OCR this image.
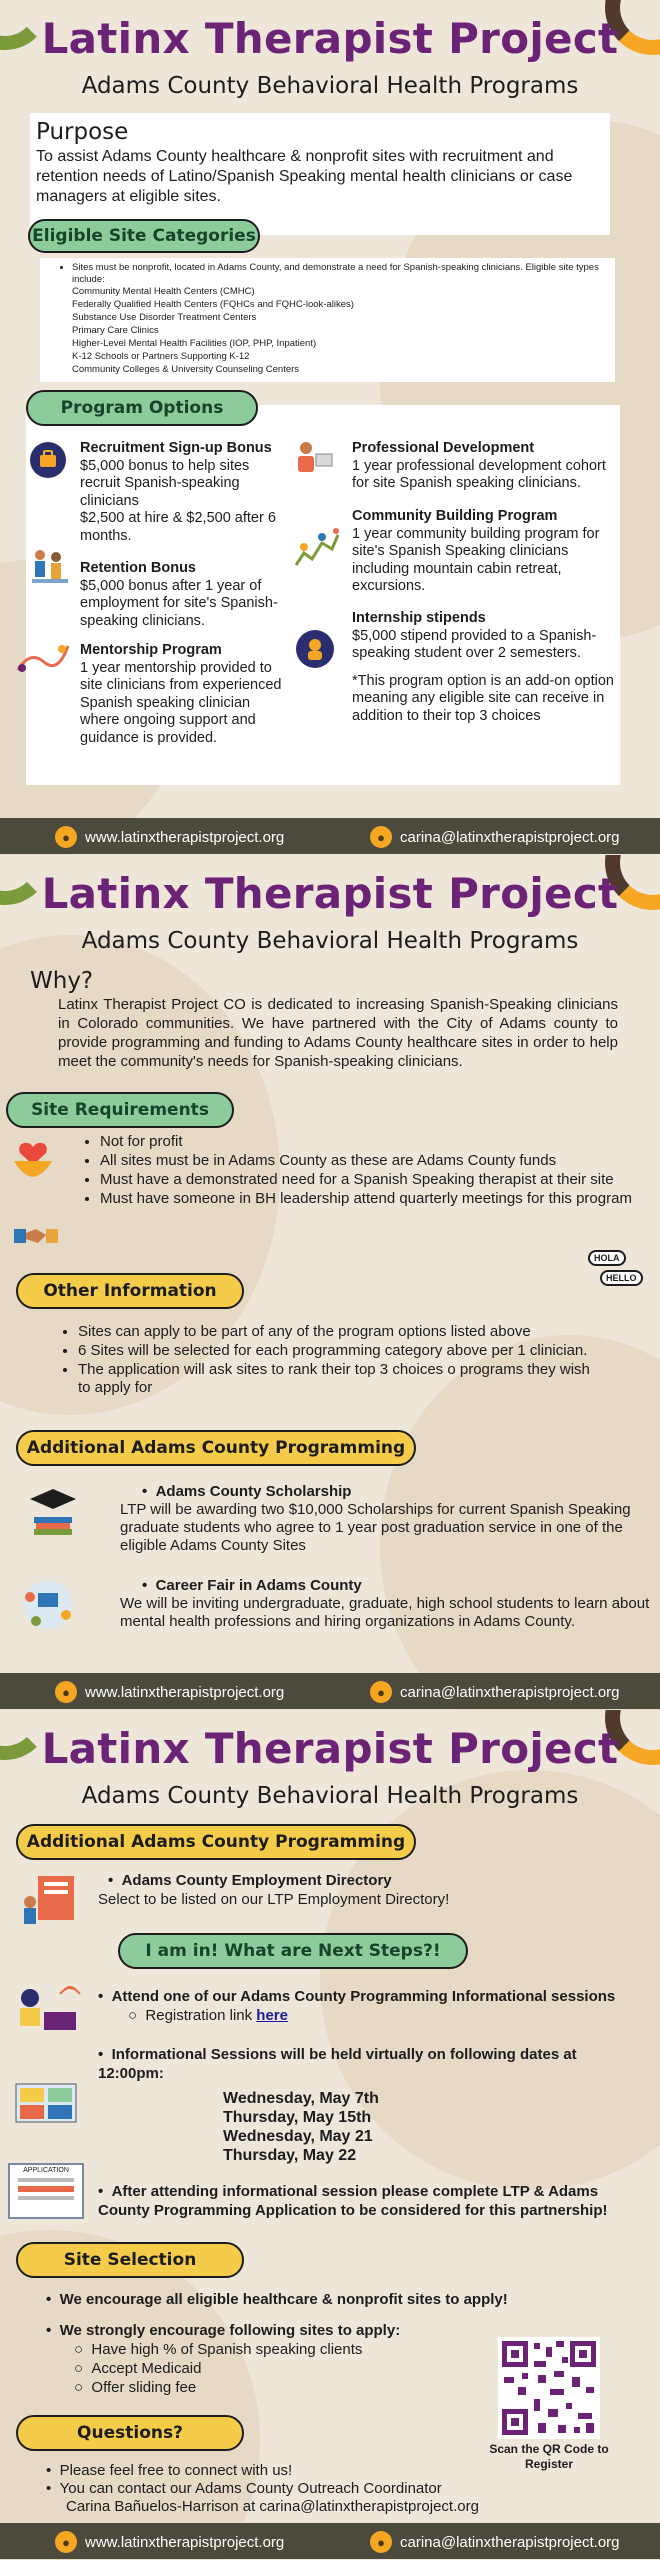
Latinx Therapist Project
Adams County Behavioral Health Programs
Purpose
To assist Adams County healthcare & nonprofit sites with recruitment and retention needs of Latino/Spanish Speaking mental health clinicians or case managers at eligible sites.
Eligible Site Categories
• Sites must be nonprofit, located in Adams County, and demonstrate a need for Spanish-speaking clinicians. Eligible site types include:
Community Mental Health Centers (CMHC)
Federally Qualified Health Centers (FQHCs and FQHC-look-alikes)
Substance Use Disorder Treatment Centers
Primary Care Clinics
Higher-Level Mental Health Facilities (IOP, PHP, Inpatient)
K-12 Schools or Partners Supporting K-12
Community Colleges & University Counseling Centers
Program Options
Recruitment Sign-up Bonus
$5,000 bonus to help sites recruit Spanish-speaking clinicians
$2,500 at hire & $2,500 after 6 months.
Retention Bonus
$5,000 bonus after 1 year of employment for site's Spanish-speaking clinicians.
Mentorship Program
1 year mentorship provided to site clinicians from experienced Spanish speaking clinician where ongoing support and guidance is provided.
Professional Development
1 year professional development cohort for site Spanish speaking clinicians.
Community Building Program
1 year community building program for site's Spanish Speaking clinicians including mountain cabin retreat, excursions.
Internship stipends
$5,000 stipend provided to a Spanish-speaking student over 2 semesters.
*This program option is an add-on option meaning any eligible site can receive in addition to their top 3 choices
●	www.latinxtherapistproject.org	●	carina@latinxtherapistproject.org
Latinx Therapist Project
Adams County Behavioral Health Programs
Why?
Latinx Therapist Project CO is dedicated to increasing Spanish-Speaking clinicians in Colorado communities. We have partnered with the City of Adams county to provide programming and funding to Adams County healthcare sites in order to help meet the community's needs for Spanish-speaking clinicians.
Site Requirements
• Not for profit
• All sites must be in Adams County as these are Adams County funds
• Must have a demonstrated need for a Spanish Speaking therapist at their site
• Must have someone in BH leadership attend quarterly meetings for this program
HOLA
HELLO
Other Information
• Sites can apply to be part of any of the program options listed above
• 6 Sites will be selected for each programming category above per 1 clinician.
• The application will ask sites to rank their top 3 choices o programs they wish to apply for
Additional Adams County Programming
•  Adams County Scholarship
LTP will be awarding two $10,000 Scholarships for current Spanish Speaking graduate students who agree to 1 year post graduation service in one of the eligible Adams County Sites
•  Career Fair in Adams County
We will be inviting undergraduate, graduate, high school students to learn about mental health professions and hiring organizations in Adams County.
●	www.latinxtherapistproject.org	●	carina@latinxtherapistproject.org
Latinx Therapist Project
Adams County Behavioral Health Programs
Additional Adams County Programming
•  Adams County Employment Directory
Select to be listed on our LTP Employment Directory!
I am in! What are Next Steps?!
•  Attend one of our Adams County Programming Informational sessions
○  Registration link here
•  Informational Sessions will be held virtually on following dates at 12:00pm:
Wednesday, May 7th
Thursday, May 15th
Wednesday, May 21
Thursday, May 22
APPLICATION
•  After attending informational session please complete LTP & Adams County Programming Application to be considered for this partnership!
Site Selection
•  We encourage all eligible healthcare & nonprofit sites to apply!
•  We strongly encourage following sites to apply:
○  Have high % of Spanish speaking clients
○  Accept Medicaid
○  Offer sliding fee
Scan the QR Code to Register
Questions?
•  Please feel free to connect with us!
•  You can contact our Adams County Outreach Coordinator
Carina Bañuelos-Harrison at carina@latinxtherapistproject.org
●	www.latinxtherapistproject.org	●	carina@latinxtherapistproject.org
